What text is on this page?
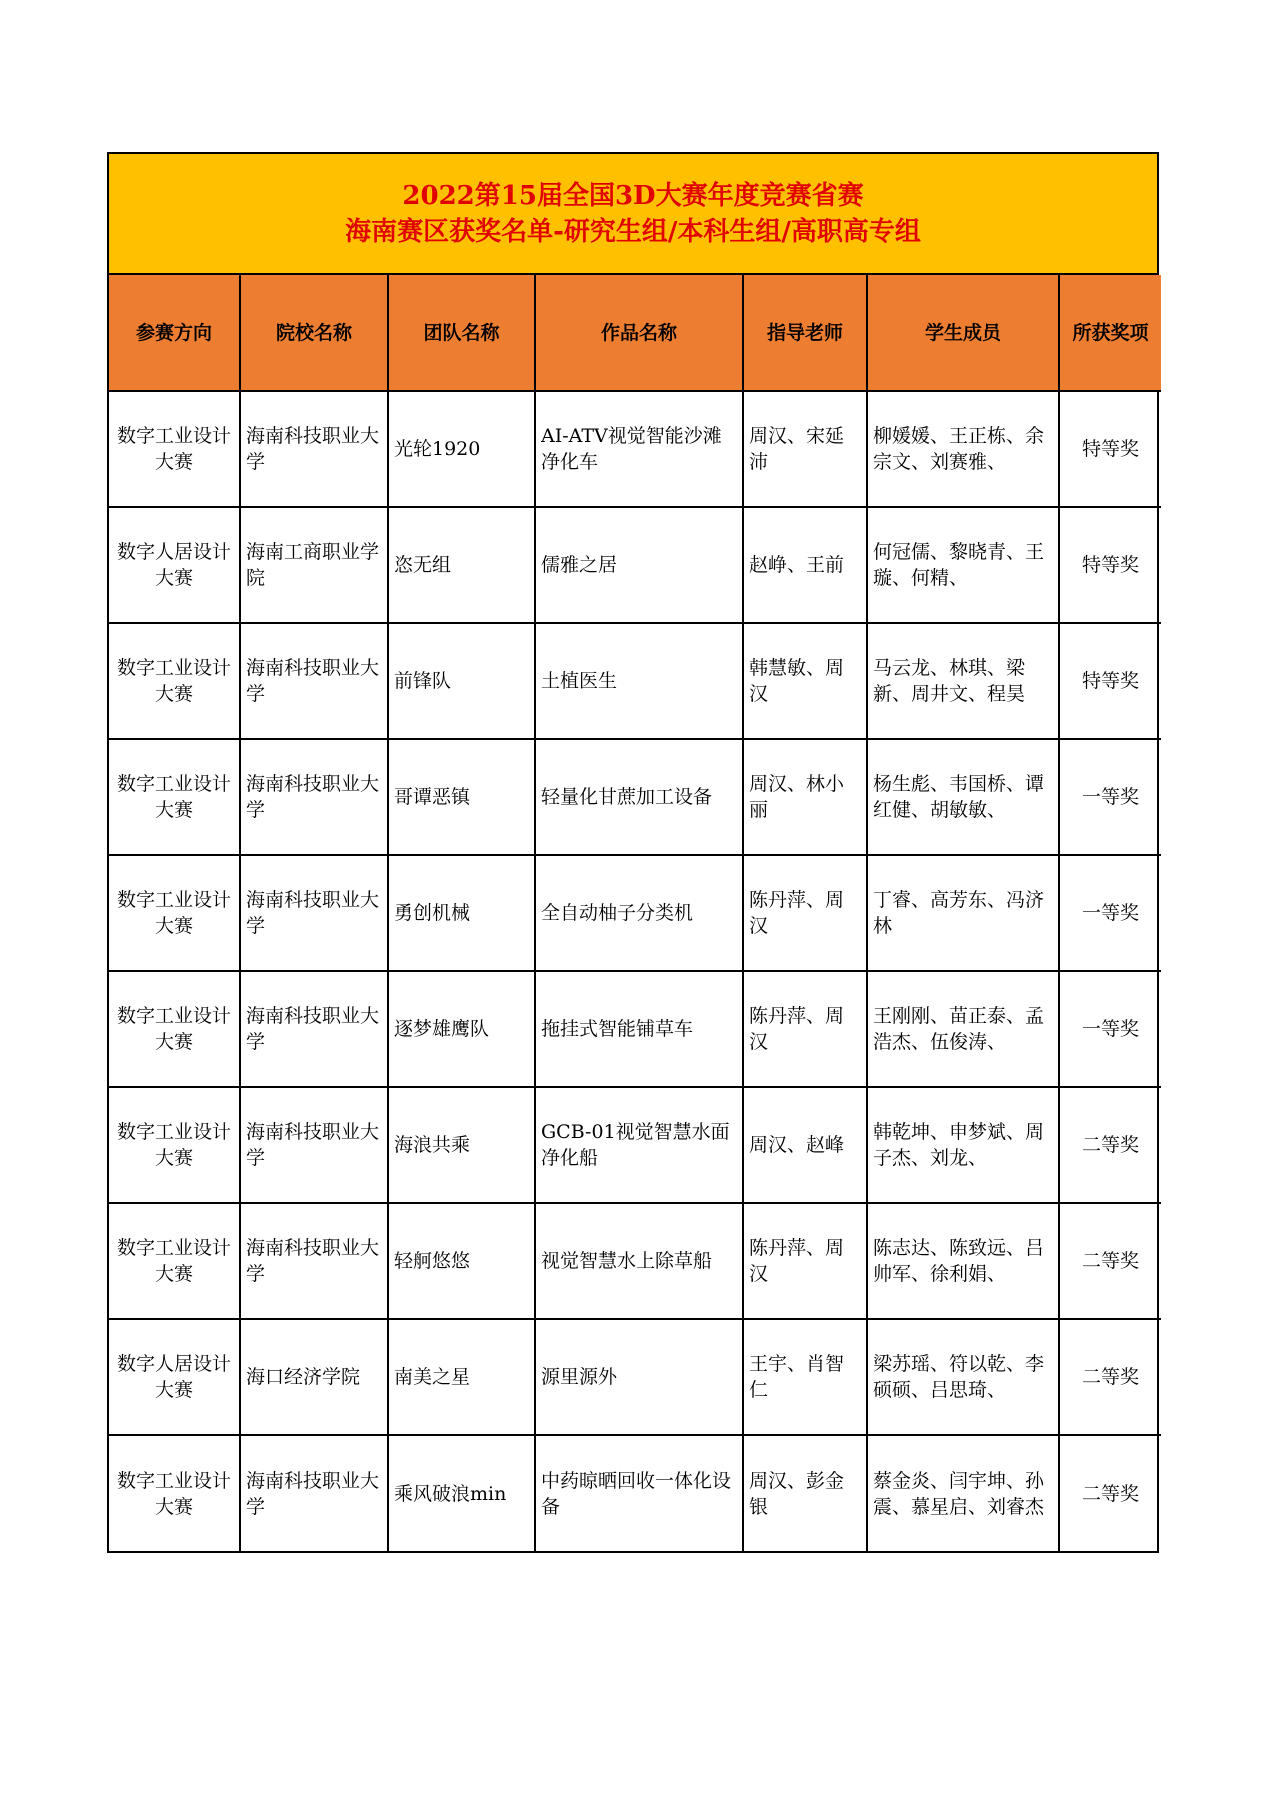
2022第15届全国3D大赛年度竞赛省赛
海南赛区获奖名单-研究生组/本科生组/高职高专组
参赛方向	院校名称	团队名称	作品名称	指导老师	学生成员	所获奖项

数字工业设计大赛	海南科技职业大学	光轮1920	AI-ATV视觉智能沙滩净化车	周汉、宋延沛	柳媛媛、王正栋、余宗文、刘赛雅、	特等奖

数字人居设计大赛	海南工商职业学院	恣无组	儒雅之居	赵峥、王前	何冠儒、黎晓青、王璇、何精、	特等奖

数字工业设计大赛	海南科技职业大学	前锋队	土植医生	韩慧敏、周汉	马云龙、林琪、梁新、周井文、程昊	特等奖

数字工业设计大赛	海南科技职业大学	哥谭恶镇	轻量化甘蔗加工设备	周汉、林小丽	杨生彪、韦国桥、谭红健、胡敏敏、	一等奖

数字工业设计大赛	海南科技职业大学	勇创机械	全自动柚子分类机	陈丹萍、周汉	丁睿、高芳东、冯济林	一等奖

数字工业设计大赛	海南科技职业大学	逐梦雄鹰队	拖挂式智能铺草车	陈丹萍、周汉	王刚刚、苗正泰、孟浩杰、伍俊涛、	一等奖

数字工业设计大赛	海南科技职业大学	海浪共乘	GCB-01视觉智慧水面净化船	周汉、赵峰	韩乾坤、申梦斌、周子杰、刘龙、	二等奖

数字工业设计大赛	海南科技职业大学	轻舸悠悠	视觉智慧水上除草船	陈丹萍、周汉	陈志达、陈致远、吕帅军、徐利娟、	二等奖

数字人居设计大赛	海口经济学院	南美之星	源里源外	王宇、肖智仁	梁苏瑶、符以乾、李硕硕、吕思琦、	二等奖

数字工业设计大赛	海南科技职业大学	乘风破浪min	中药晾晒回收一体化设备	周汉、彭金银	蔡金炎、闫宇坤、孙震、慕星启、刘睿杰	二等奖
